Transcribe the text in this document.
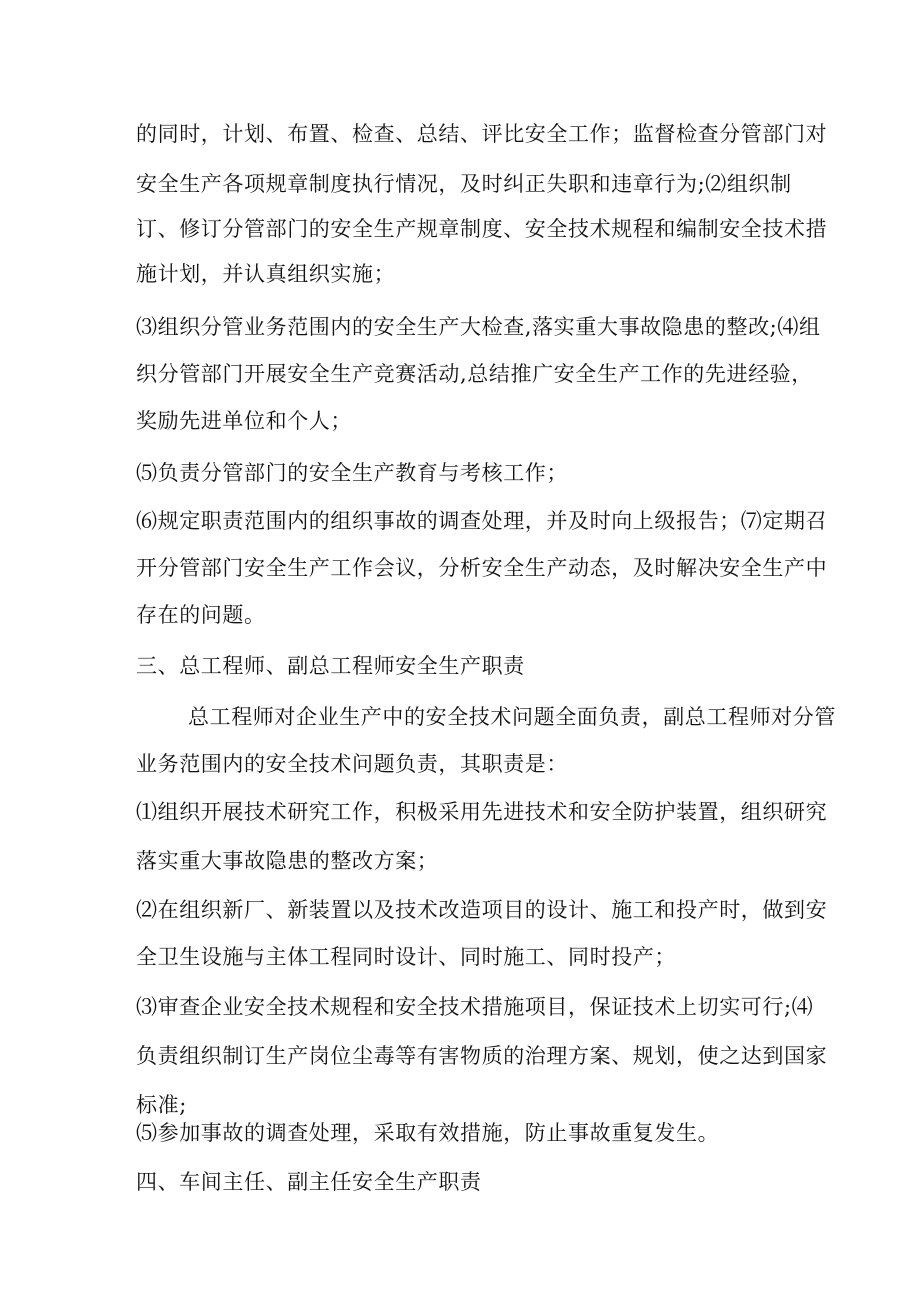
的同时，计划、布置、检查、总结、评比安全工作；监督检查分管部门对

安全生产各项规章制度执行情况，及时纠正失职和违章行为;⑵组织制

订、修订分管部门的安全生产规章制度、安全技术规程和编制安全技术措

施计划，并认真组织实施；

⑶组织分管业务范围内的安全生产大检查,落实重大事故隐患的整改;⑷组

织分管部门开展安全生产竞赛活动,总结推广安全生产工作的先进经验，

奖励先进单位和个人；

⑸负责分管部门的安全生产教育与考核工作；

⑹规定职责范围内的组织事故的调查处理，并及时向上级报告；⑺定期召

开分管部门安全生产工作会议，分析安全生产动态，及时解决安全生产中

存在的问题。

三、总工程师、副总工程师安全生产职责

总工程师对企业生产中的安全技术问题全面负责，副总工程师对分管

业务范围内的安全技术问题负责，其职责是：

⑴组织开展技术研究工作，积极采用先进技术和安全防护装置，组织研究

落实重大事故隐患的整改方案；

⑵在组织新厂、新装置以及技术改造项目的设计、施工和投产时，做到安

全卫生设施与主体工程同时设计、同时施工、同时投产；

⑶审查企业安全技术规程和安全技术措施项目，保证技术上切实可行;⑷

负责组织制订生产岗位尘毒等有害物质的治理方案、规划，使之达到国家

标准;

⑸参加事故的调查处理，采取有效措施，防止事故重复发生。

四、车间主任、副主任安全生产职责
